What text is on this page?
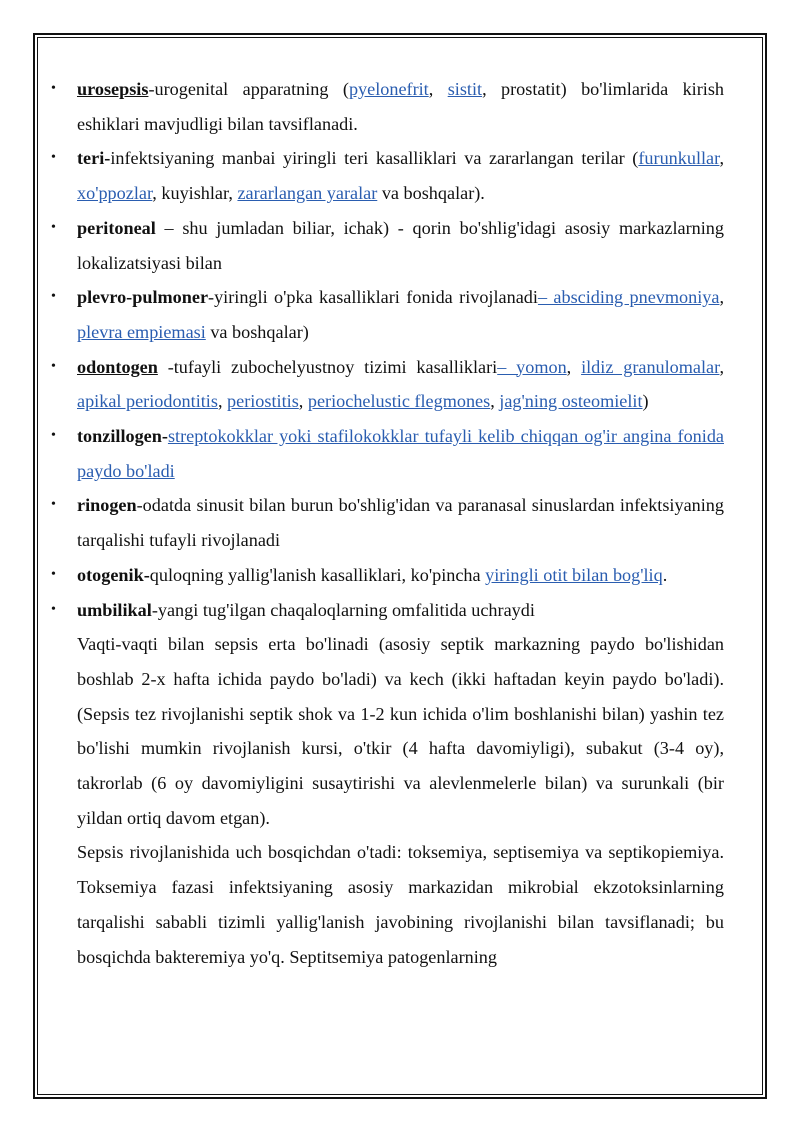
• urosepsis-urogenital apparatning (pyelonefrit, sistit, prostatit) bo'limlarida kirish eshiklari mavjudligi bilan tavsiflanadi.
• teri-infektsiyaning manbai yiringli teri kasalliklari va zararlangan terilar (furunkullar, xo'ppozlar, kuyishlar, zararlangan yaralar va boshqalar).
• peritoneal – shu jumladan biliar, ichak) - qorin bo'shlig'idagi asosiy markazlarning lokalizatsiyasi bilan
• plevro-pulmoner-yiringli o'pka kasalliklari fonida rivojlanadi– absciding pnevmoniya, plevra empiemasi va boshqalar)
• odontogen -tufayli zubochelyustnoy tizimi kasalliklari– yomon, ildiz granulomalar, apikal periodontitis, periostitis, periochelustic flegmones, jag'ning osteomielit)
• tonzillogen-streptokokklar yoki stafilokokklar tufayli kelib chiqqan og'ir angina fonida paydo bo'ladi
• rinogen-odatda sinusit bilan burun bo'shlig'idan va paranasal sinuslardan infektsiyaning tarqalishi tufayli rivojlanadi
• otogenik-quloqning yallig'lanish kasalliklari, ko'pincha yiringli otit bilan bog'liq.
• umbilikal-yangi tug'ilgan chaqaloqlarning omfalitida uchraydi

Vaqti-vaqti bilan sepsis erta bo'linadi (asosiy septik markazning paydo bo'lishidan boshlab 2-x hafta ichida paydo bo'ladi) va kech (ikki haftadan keyin paydo bo'ladi). (Sepsis tez rivojlanishi septik shok va 1-2 kun ichida o'lim boshlanishi bilan) yashin tez bo'lishi mumkin rivojlanish kursi, o'tkir (4 hafta davomiyligi), subakut (3-4 oy), takrorlab (6 oy davomiyligini susaytirishi va alevlenmelerle bilan) va surunkali (bir yildan ortiq davom etgan).

Sepsis rivojlanishida uch bosqichdan o'tadi: toksemiya, septisemiya va septikopiemiya. Toksemiya fazasi infektsiyaning asosiy markazidan mikrobial ekzotoksinlarning tarqalishi sababli tizimli yallig'lanish javobining rivojlanishi bilan tavsiflanadi; bu bosqichda bakteremiya yo'q. Septitsemiya patogenlarning
